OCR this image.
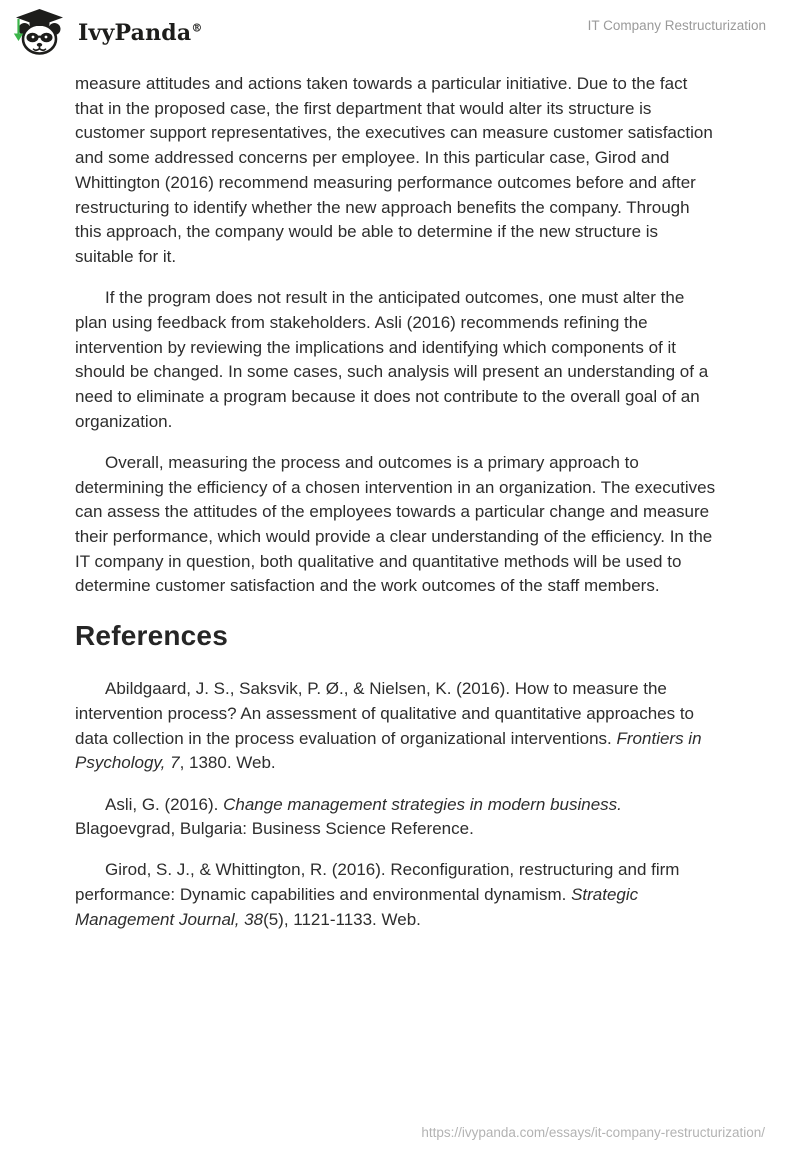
IvyPanda®	IT Company Restructurization

measure attitudes and actions taken towards a particular initiative. Due to the fact that in the proposed case, the first department that would alter its structure is customer support representatives, the executives can measure customer satisfaction and some addressed concerns per employee. In this particular case, Girod and Whittington (2016) recommend measuring performance outcomes before and after restructuring to identify whether the new approach benefits the company. Through this approach, the company would be able to determine if the new structure is suitable for it.

If the program does not result in the anticipated outcomes, one must alter the plan using feedback from stakeholders. Asli (2016) recommends refining the intervention by reviewing the implications and identifying which components of it should be changed. In some cases, such analysis will present an understanding of a need to eliminate a program because it does not contribute to the overall goal of an organization.

Overall, measuring the process and outcomes is a primary approach to determining the efficiency of a chosen intervention in an organization. The executives can assess the attitudes of the employees towards a particular change and measure their performance, which would provide a clear understanding of the efficiency. In the IT company in question, both qualitative and quantitative methods will be used to determine customer satisfaction and the work outcomes of the staff members.

References

Abildgaard, J. S., Saksvik, P. Ø., & Nielsen, K. (2016). How to measure the intervention process? An assessment of qualitative and quantitative approaches to data collection in the process evaluation of organizational interventions. Frontiers in Psychology, 7, 1380. Web.

Asli, G. (2016). Change management strategies in modern business. Blagoevgrad, Bulgaria: Business Science Reference.

Girod, S. J., & Whittington, R. (2016). Reconfiguration, restructuring and firm performance: Dynamic capabilities and environmental dynamism. Strategic Management Journal, 38(5), 1121-1133. Web.

https://ivypanda.com/essays/it-company-restructurization/
